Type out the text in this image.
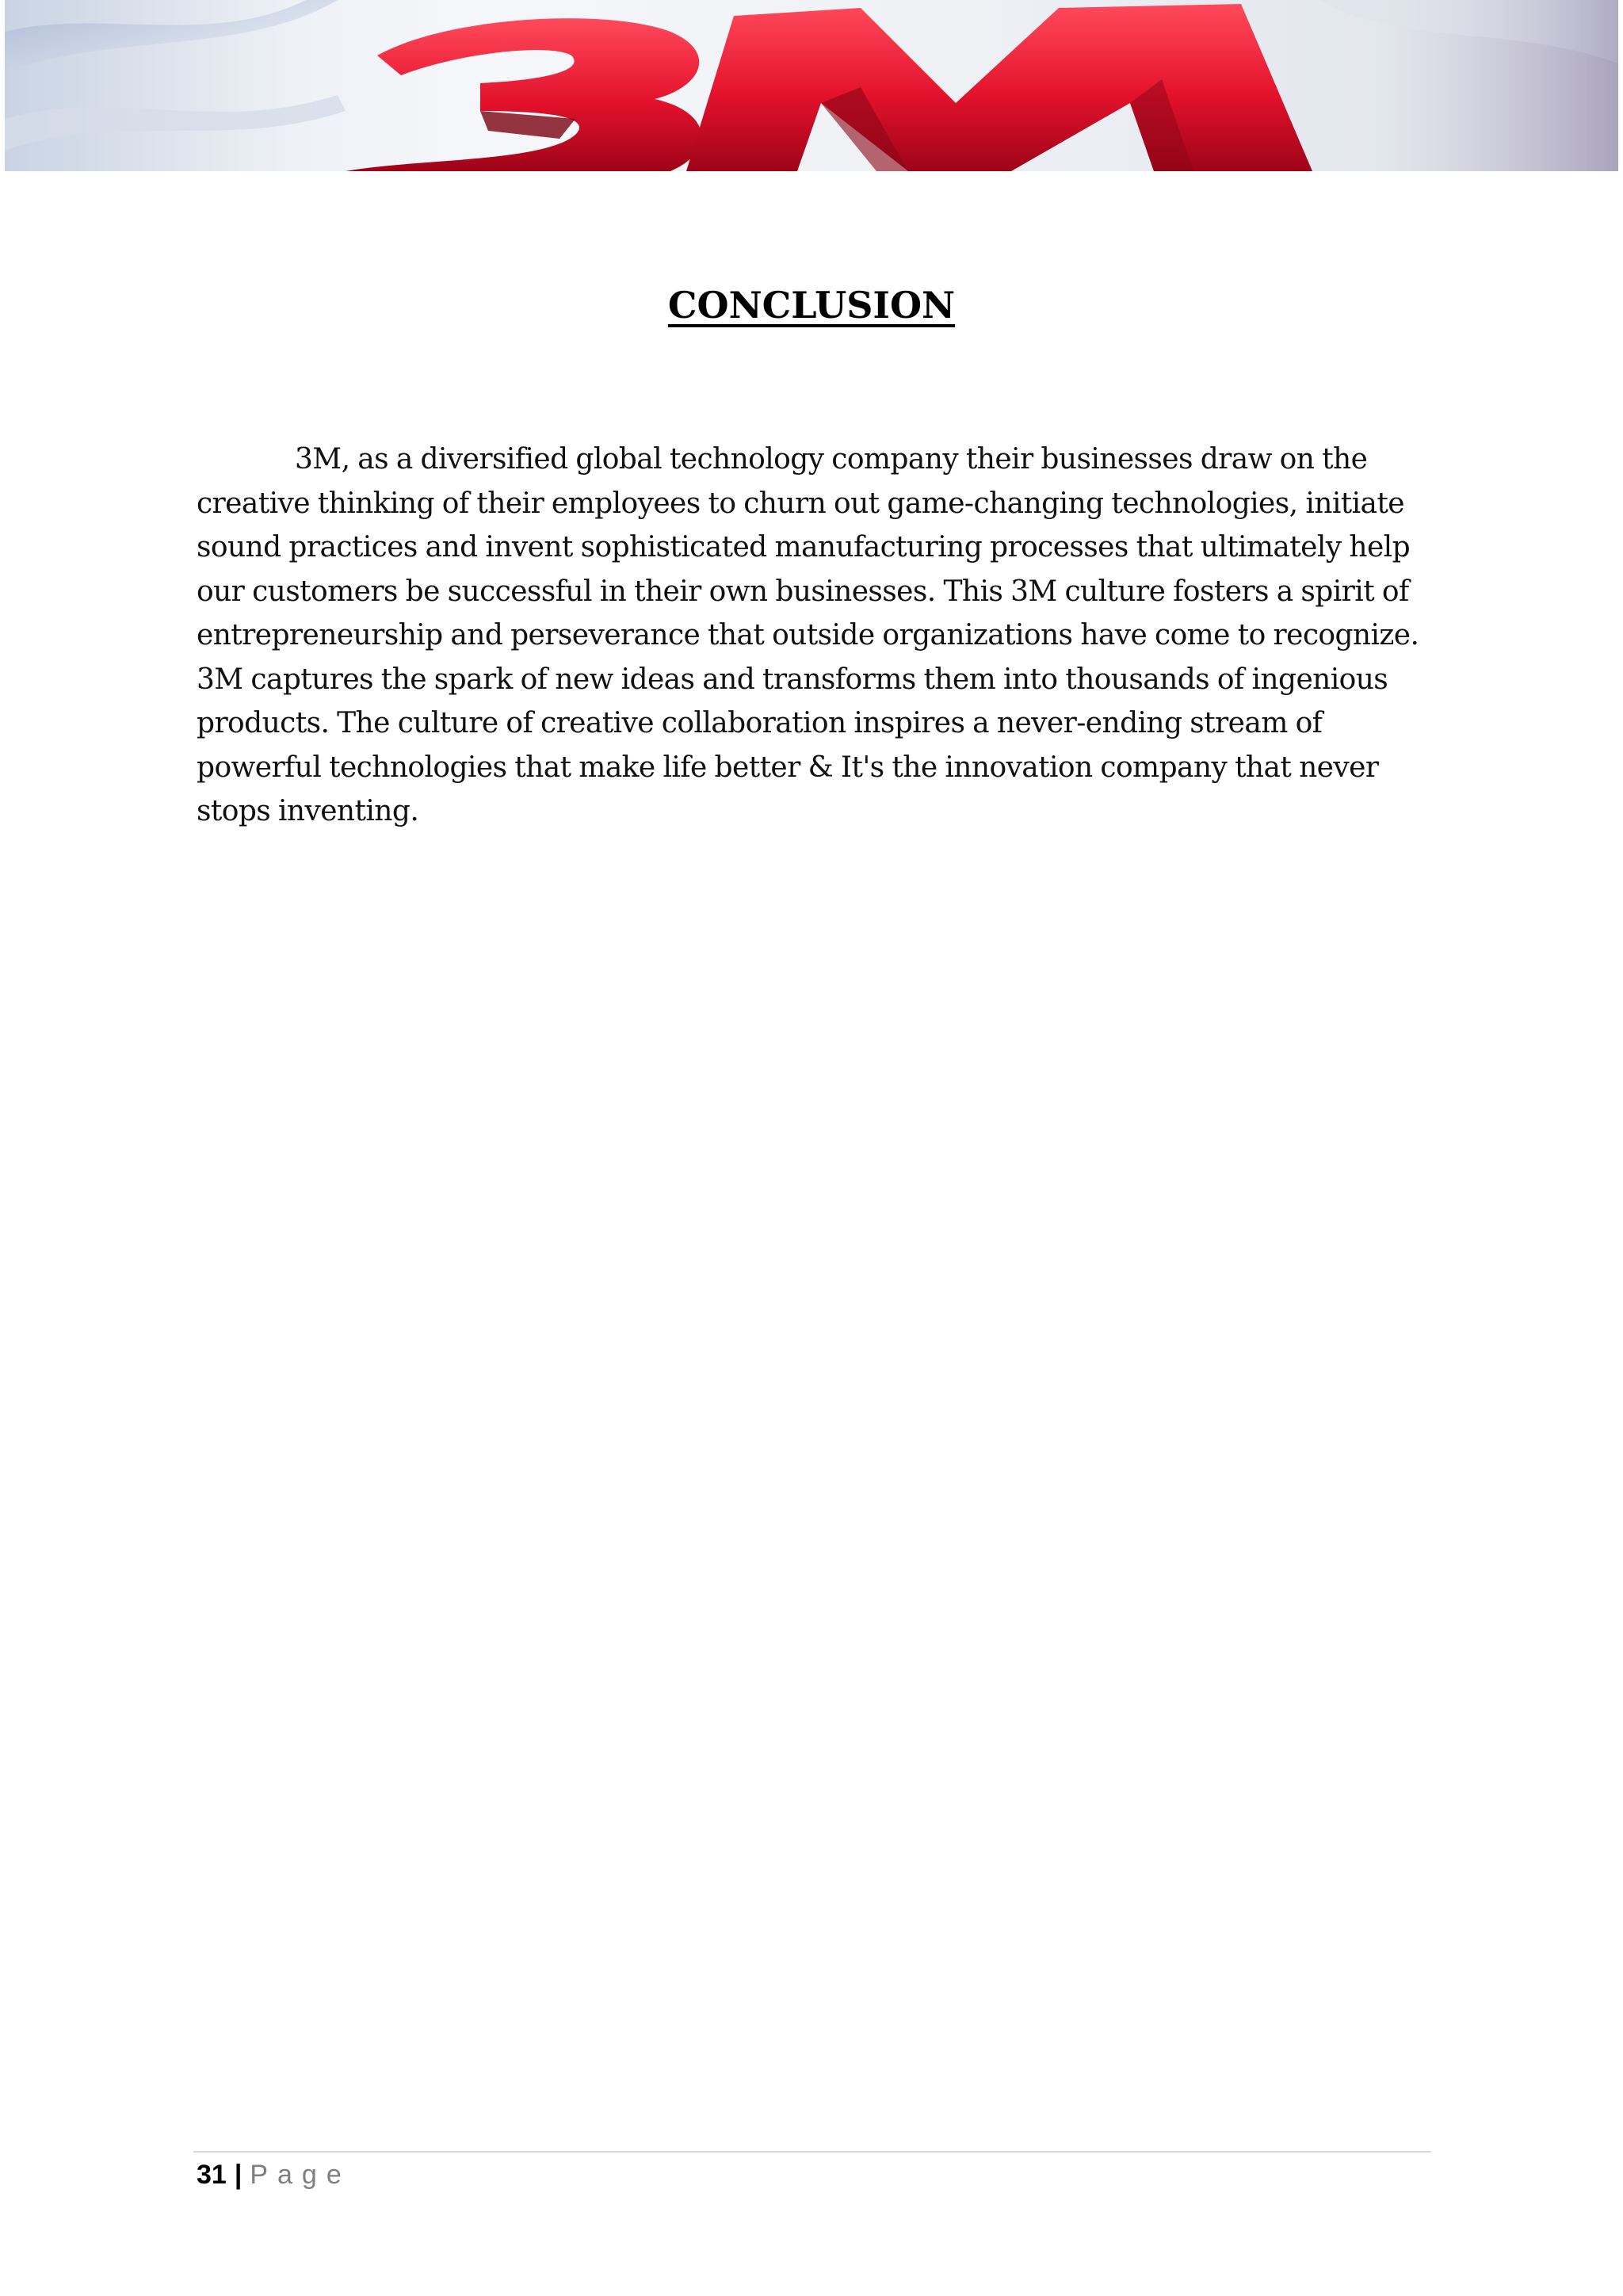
CONCLUSION

3M, as a diversified global technology company their businesses draw on the creative thinking of their employees to churn out game-changing technologies, initiate sound practices and invent sophisticated manufacturing processes that ultimately help our customers be successful in their own businesses. This 3M culture fosters a spirit of entrepreneurship and perseverance that outside organizations have come to recognize. 3M captures the spark of new ideas and transforms them into thousands of ingenious products. The culture of creative collaboration inspires a never-ending stream of powerful technologies that make life better & It's the innovation company that never stops inventing.

31 | Page
